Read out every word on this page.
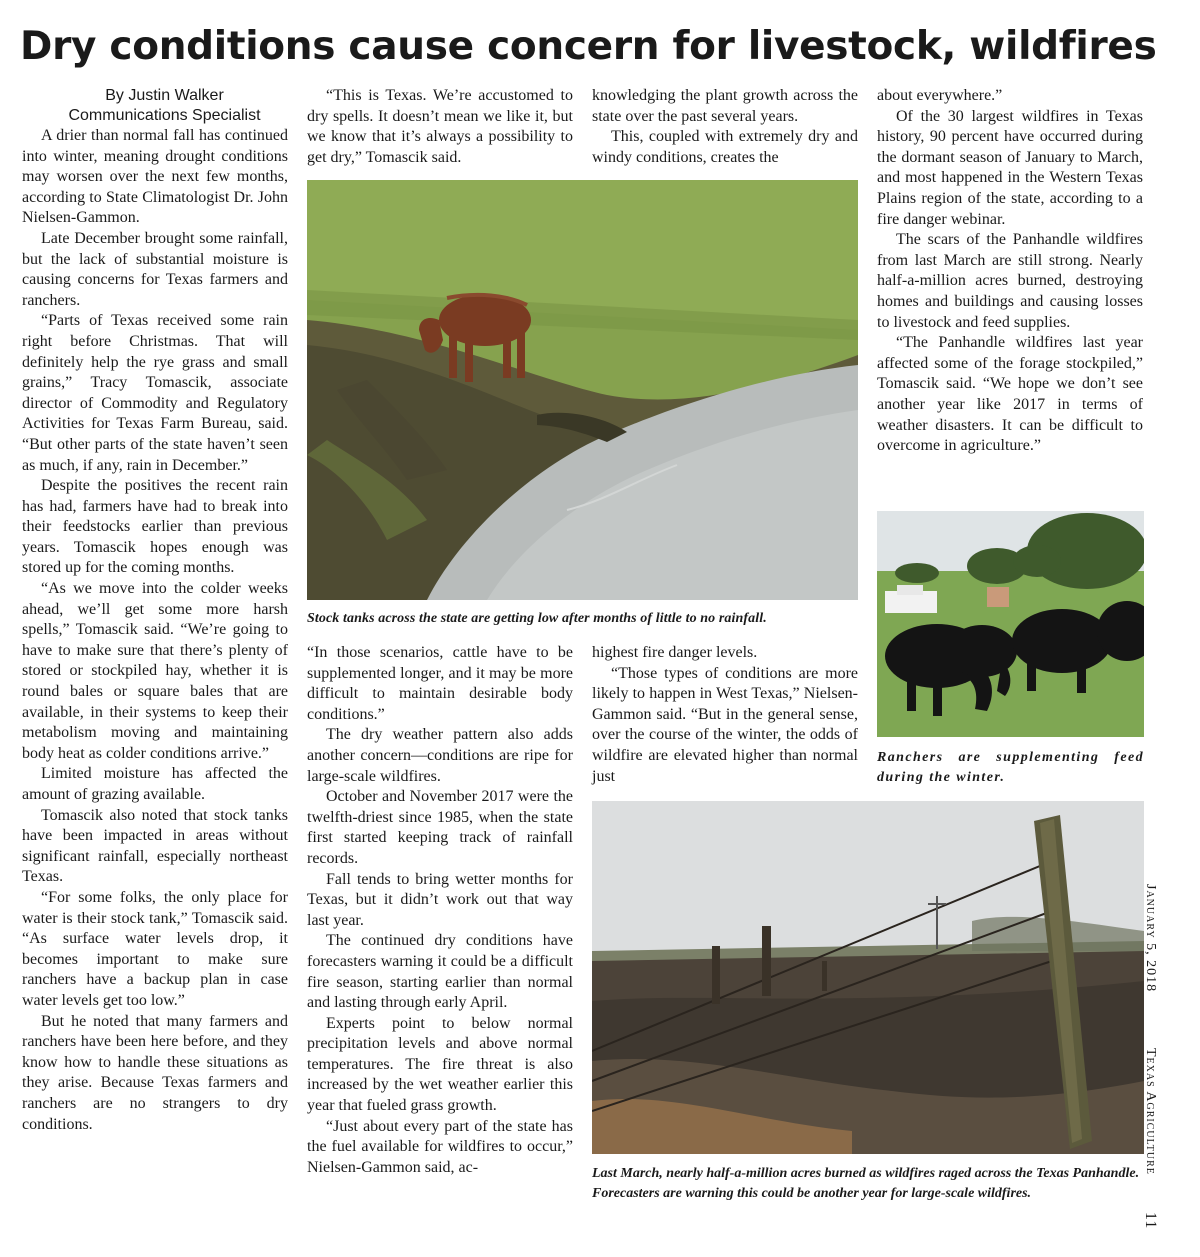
Dry conditions cause concern for livestock, wildfires

By Justin Walker

Communications Specialist

A drier than normal fall has continued into winter, meaning drought conditions may worsen over the next few months, according to State Climatologist Dr. John Nielsen-Gammon.

Late December brought some rainfall, but the lack of substantial moisture is causing concerns for Texas farmers and ranchers.

“Parts of Texas received some rain right before Christmas. That will definitely help the rye grass and small grains,” Tracy Tomascik, associate director of Commodity and Regulatory Activities for Texas Farm Bureau, said. “But other parts of the state haven’t seen as much, if any, rain in December.”

Despite the positives the recent rain has had, farmers have had to break into their feedstocks earlier than previous years. Tomascik hopes enough was stored up for the coming months.

“As we move into the colder weeks ahead, we’ll get some more harsh spells,” Tomascik said. “We’re going to have to make sure that there’s plenty of stored or stockpiled hay, whether it is round bales or square bales that are available, in their systems to keep their metabolism moving and maintaining body heat as colder conditions arrive.”

Limited moisture has affected the amount of grazing available.

Tomascik also noted that stock tanks have been impacted in areas without significant rainfall, especially northeast Texas.

“For some folks, the only place for water is their stock tank,” Tomascik said. “As surface water levels drop, it becomes important to make sure ranchers have a backup plan in case water levels get too low.”

But he noted that many farmers and ranchers have been here before, and they know how to handle these situations as they arise. Because Texas farmers and ranchers are no strangers to dry conditions.

“This is Texas. We’re accustomed to dry spells. It doesn’t mean we like it, but we know that it’s always a possibility to get dry,” Tomascik said.

knowledging the plant growth across the state over the past several years.

This, coupled with extremely dry and windy conditions, creates the

about everywhere.”

Of the 30 largest wildfires in Texas history, 90 percent have occurred during the dormant season of January to March, and most happened in the Western Texas Plains region of the state, according to a fire danger webinar.

The scars of the Panhandle wildfires from last March are still strong. Nearly half-a-million acres burned, destroying homes and buildings and causing losses to livestock and feed supplies.

“The Panhandle wildfires last year affected some of the forage stockpiled,” Tomascik said. “We hope we don’t see another year like 2017 in terms of weather disasters. It can be difficult to overcome in agriculture.”

Stock tanks across the state are getting low after months of little to no rainfall.
Ranchers are supplementing feed during the winter.

“In those scenarios, cattle have to be supplemented longer, and it may be more difficult to maintain desirable body conditions.”

The dry weather pattern also adds another concern—conditions are ripe for large-scale wildfires.

October and November 2017 were the twelfth-driest since 1985, when the state first started keeping track of rainfall records.

Fall tends to bring wetter months for Texas, but it didn’t work out that way last year.

The continued dry conditions have forecasters warning it could be a difficult fire season, starting earlier than normal and lasting through early April.

Experts point to below normal precipitation levels and above normal temperatures. The fire threat is also increased by the wet weather earlier this year that fueled grass growth.

“Just about every part of the state has the fuel available for wildfires to occur,” Nielsen-Gammon said, ac-

highest fire danger levels.

“Those types of conditions are more likely to happen in West Texas,” Nielsen-Gammon said. “But in the general sense, over the course of the winter, the odds of wildfire are elevated higher than normal just

Last March, nearly half-a-million acres burned as wildfires raged across the Texas Panhandle. Forecasters are warning this could be another year for large-scale wildfires.
January 5, 2018
Texas Agriculture
11
